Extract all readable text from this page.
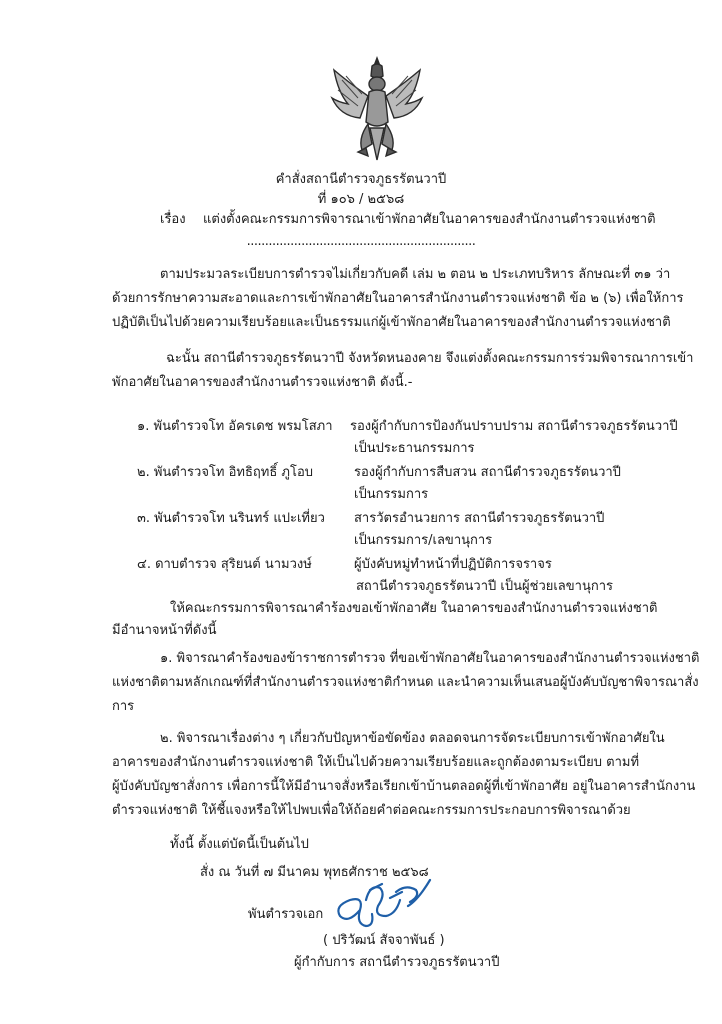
คำสั่งสถานีตำรวจภูธรรัตนวาปี
ที่ ๑๐๖ / ๒๕๖๘
เรื่อง แต่งตั้งคณะกรรมการพิจารณาเข้าพักอาศัยในอาคารของสำนักงานตำรวจแห่งชาติ
...............................................................
ตามประมวลระเบียบการตำรวจไม่เกี่ยวกับคดี เล่ม ๒ ตอน ๒ ประเภทบริหาร ลักษณะที่ ๓๑ ว่า
ด้วยการรักษาความสะอาดและการเข้าพักอาศัยในอาคารสำนักงานตำรวจแห่งชาติ ข้อ ๒ (๖) เพื่อให้การ
ปฏิบัติเป็นไปด้วยความเรียบร้อยและเป็นธรรมแก่ผู้เข้าพักอาศัยในอาคารของสำนักงานตำรวจแห่งชาติ
ฉะนั้น สถานีตำรวจภูธรรัตนวาปี จังหวัดหนองคาย จึงแต่งตั้งคณะกรรมการร่วมพิจารณาการเข้า
พักอาศัยในอาคารของสำนักงานตำรวจแห่งชาติ ดังนี้.-
๑. พันตำรวจโท อัครเดช พรมโสภา รองผู้กำกับการป้องกันปราบปราม สถานีตำรวจภูธรรัตนวาปี
เป็นประธานกรรมการ
๒. พันตำรวจโท อิทธิฤทธิ์ ภูโอบ	รองผู้กำกับการสืบสวน สถานีตำรวจภูธรรัตนวาปี
เป็นกรรมการ
๓. พันตำรวจโท นรินทร์ แปะเที่ยว สารวัตรอำนวยการ สถานีตำรวจภูธรรัตนวาปี
เป็นกรรมการ/เลขานุการ
๔. ดาบตำรวจ สุริยนต์ นามวงษ์	ผู้บังคับหมู่ทำหน้าที่ปฏิบัติการจราจร
สถานีตำรวจภูธรรัตนวาปี เป็นผู้ช่วยเลขานุการ
ให้คณะกรรมการพิจารณาคำร้องขอเข้าพักอาศัย ในอาคารของสำนักงานตำรวจแห่งชาติ
มีอำนาจหน้าที่ดังนี้
๑. พิจารณาคำร้องของข้าราชการตำรวจ ที่ขอเข้าพักอาศัยในอาคารของสำนักงานตำรวจแห่งชาติ
แห่งชาติตามหลักเกณฑ์ที่สำนักงานตำรวจแห่งชาติกำหนด และนำความเห็นเสนอผู้บังคับบัญชาพิจารณาสั่ง
การ
๒. พิจารณาเรื่องต่าง ๆ เกี่ยวกับปัญหาข้อขัดข้อง ตลอดจนการจัดระเบียบการเข้าพักอาศัยใน
อาคารของสำนักงานตำรวจแห่งชาติ ให้เป็นไปด้วยความเรียบร้อยและถูกต้องตามระเบียบ ตามที่
ผู้บังคับบัญชาสั่งการ เพื่อการนี้ให้มีอำนาจสั่งหรือเรียกเข้าบ้านตลอดผู้ที่เข้าพักอาศัย อยู่ในอาคารสำนักงาน
ตำรวจแห่งชาติ ให้ชี้แจงหรือให้ไปพบเพื่อให้ถ้อยคำต่อคณะกรรมการประกอบการพิจารณาด้วย
ทั้งนี้ ตั้งแต่บัดนี้เป็นต้นไป
สั่ง ณ วันที่ ๗ มีนาคม พุทธศักราช ๒๕๖๘
พันตำรวจเอก
( ปริวัฒน์ สัจจาพันธ์ )
ผู้กำกับการ สถานีตำรวจภูธรรัตนวาปี
